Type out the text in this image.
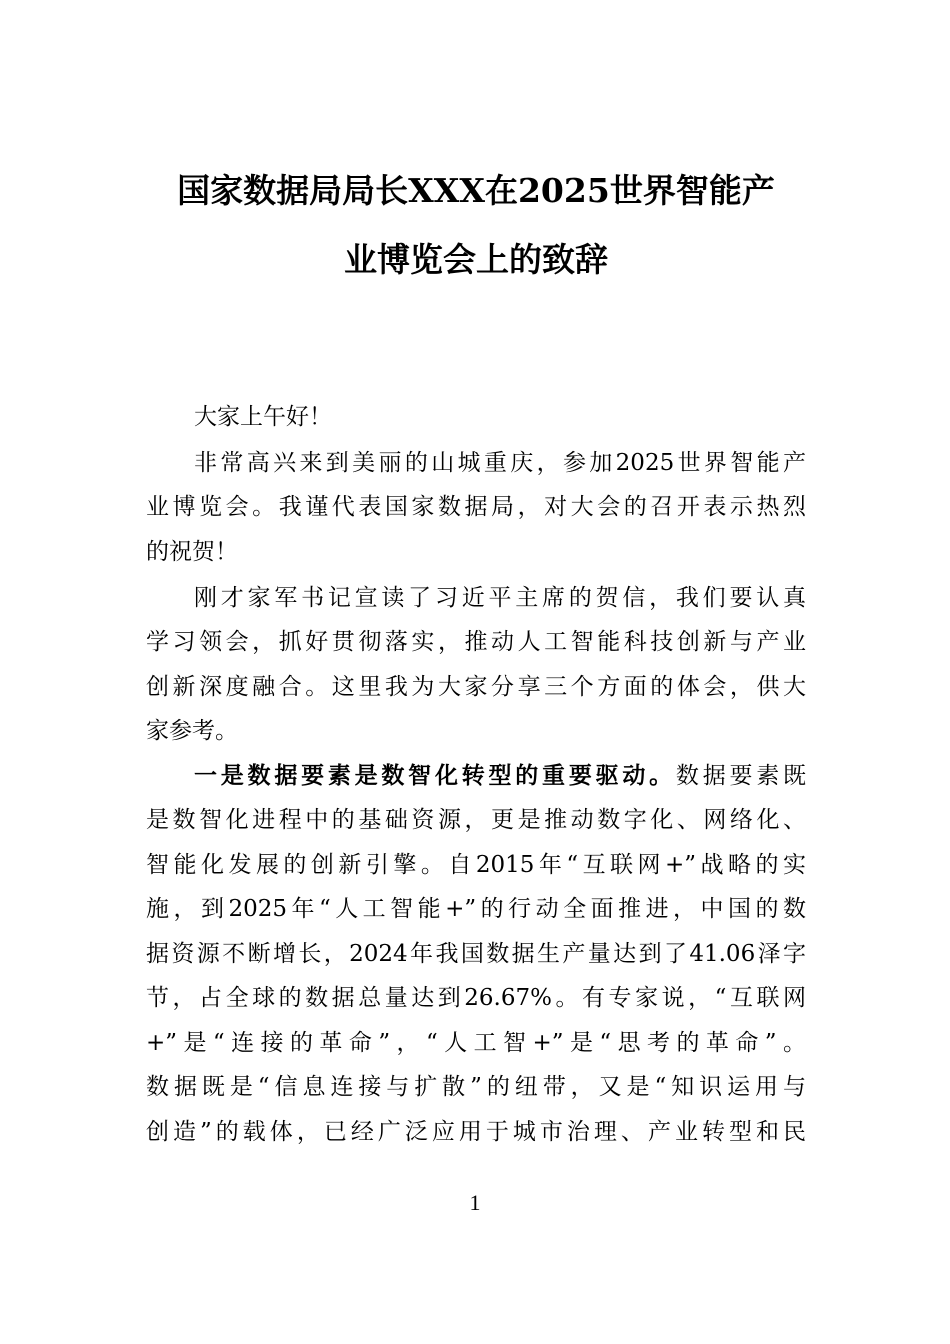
国家数据局局长XXX在2025世界智能产
业博览会上的致辞
大家上午好！
非常高兴来到美丽的山城重庆，参加2025世界智能产
业博览会。我谨代表国家数据局，对大会的召开表示热烈
的祝贺！
刚才家军书记宣读了习近平主席的贺信，我们要认真
学习领会，抓好贯彻落实，推动人工智能科技创新与产业
创新深度融合。这里我为大家分享三个方面的体会，供大
家参考。
一是数据要素是数智化转型的重要驱动。数据要素既
是数智化进程中的基础资源，更是推动数字化、网络化、
智能化发展的创新引擎。自2015年“互联网+”战略的实
施，到2025年“人工智能+”的行动全面推进，中国的数
据资源不断增长，2024年我国数据生产量达到了41.06泽字
节，占全球的数据总量达到26.67%。有专家说，“互联网
+”是“连接的革命”，“人工智+”是“思考的革命”。
数据既是“信息连接与扩散”的纽带，又是“知识运用与
创造”的载体，已经广泛应用于城市治理、产业转型和民
1
